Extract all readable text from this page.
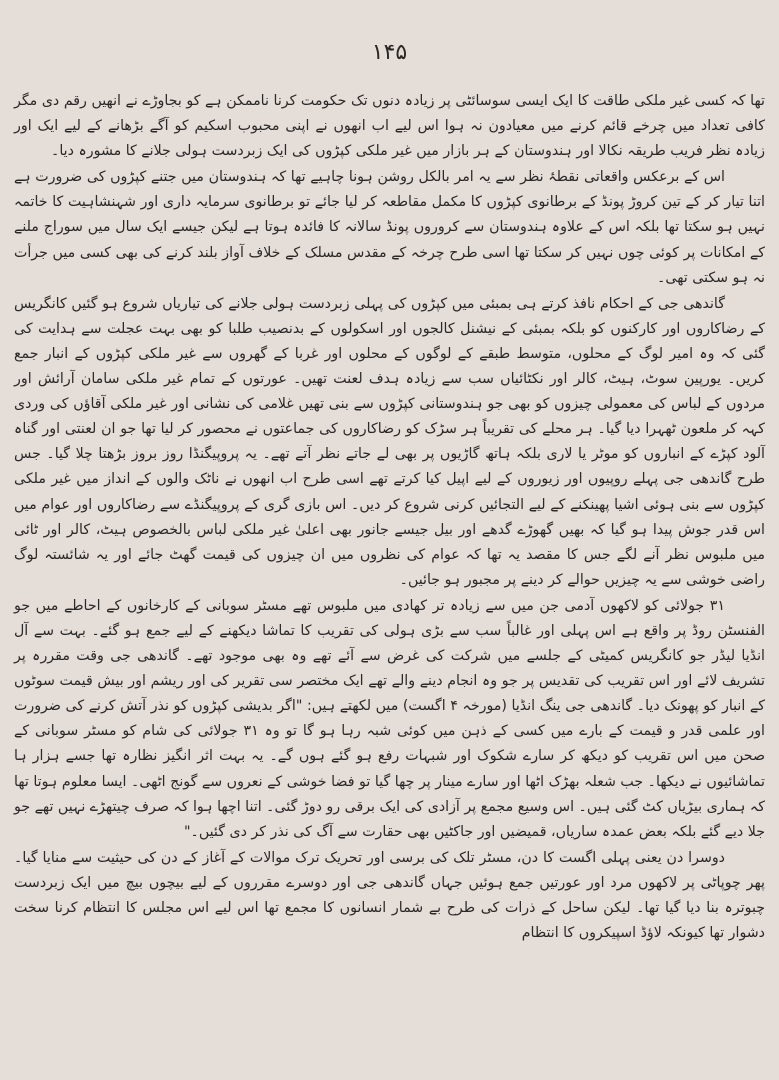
۱۴۵

تھا کہ کسی غیر ملکی طاقت کا ایک ایسی سوسائٹی پر زیادہ دنوں تک حکومت کرنا ناممکن ہے کو بجاوڑے نے انھیں رقم دی مگر کافی تعداد میں چرخے قائم کرنے میں معیادون نہ ہوا اس لیے اب انھوں نے اپنی محبوب اسکیم کو آگے بڑھانے کے لیے ایک اور زیادہ نظر فریب طریقہ نکالا اور ہندوستان کے ہر بازار میں غیر ملکی کپڑوں کی ایک زبردست ہولی جلانے کا مشورہ دیا۔

اس کے برعکس واقعاتی نقطۂ نظر سے یہ امر بالکل روشن ہونا چاہیے تھا کہ ہندوستان میں جتنے کپڑوں کی ضرورت ہے اتنا تیار کر کے تین کروڑ پونڈ کے برطانوی کپڑوں کا مکمل مقاطعہ کر لیا جائے تو برطانوی سرمایہ داری اور شہنشاہیت کا خاتمہ نہیں ہو سکتا تھا بلکہ اس کے علاوہ ہندوستان سے کروروں پونڈ سالانہ کا فائدہ ہوتا ہے لیکن جیسے ایک سال میں سوراج ملنے کے امکانات پر کوئی چوں نہیں کر سکتا تھا اسی طرح چرخہ کے مقدس مسلک کے خلاف آواز بلند کرنے کی بھی کسی میں جرأت نہ ہو سکتی تھی۔

گاندھی جی کے احکام نافذ کرتے ہی بمبئی میں کپڑوں کی پہلی زبردست ہولی جلانے کی تیاریاں شروع ہو گئیں کانگریس کے رضاکاروں اور کارکنوں کو بلکہ بمبئی کے نیشنل کالجوں اور اسکولوں کے بدنصیب طلبا کو بھی بہت عجلت سے ہدایت کی گئی کہ وہ امیر لوگ کے محلوں، متوسط طبقے کے لوگوں کے محلوں اور غربا کے گھروں سے غیر ملکی کپڑوں کے انبار جمع کریں۔ یورپین سوٹ، ہیٹ، کالر اور نکٹائیاں سب سے زیادہ ہدف لعنت تھیں۔ عورتوں کے تمام غیر ملکی سامان آرائش اور مردوں کے لباس کی معمولی چیزوں کو بھی جو ہندوستانی کپڑوں سے بنی تھیں غلامی کی نشانی اور غیر ملکی آقاؤں کی وردی کہہ کر ملعون ٹھہرا دیا گیا۔ ہر محلے کی تقریباً ہر سڑک کو رضاکاروں کی جماعتوں نے محصور کر لیا تھا جو ان لعنتی اور گناہ آلود کپڑے کے انباروں کو موٹر یا لاری بلکہ ہاتھ گاڑیوں پر بھی لے جاتے نظر آتے تھے۔ یہ پروپیگنڈا روز بروز بڑھتا چلا گیا۔ جس طرح گاندھی جی پہلے روپیوں اور زیوروں کے لیے اپیل کیا کرتے تھے اسی طرح اب انھوں نے ناٹک والوں کے انداز میں غیر ملکی کپڑوں سے بنی ہوئی اشیا پھینکنے کے لیے التجائیں کرنی شروع کر دیں۔ اس بازی گری کے پروپیگنڈے سے رضاکاروں اور عوام میں اس قدر جوش پیدا ہو گیا کہ بھیں گھوڑے گدھے اور بیل جیسے جانور بھی اعلیٰ غیر ملکی لباس بالخصوص ہیٹ، کالر اور ٹائی میں ملبوس نظر آنے لگے جس کا مقصد یہ تھا کہ عوام کی نظروں میں ان چیزوں کی قیمت گھٹ جائے اور یہ شائستہ لوگ راضی خوشی سے یہ چیزیں حوالے کر دینے پر مجبور ہو جائیں۔

۳۱ جولائی کو لاکھوں آدمی جن میں سے زیادہ تر کھادی میں ملبوس تھے مسٹر سوبانی کے کارخانوں کے احاطے میں جو الفنسٹن روڈ پر واقع ہے اس پہلی اور غالباً سب سے بڑی ہولی کی تقریب کا تماشا دیکھنے کے لیے جمع ہو گئے۔ بہت سے آل انڈیا لیڈر جو کانگریس کمیٹی کے جلسے میں شرکت کی غرض سے آئے تھے وہ بھی موجود تھے۔ گاندھی جی وقت مقررہ پر تشریف لائے اور اس تقریب کی تقدیس پر جو وہ انجام دینے والے تھے ایک مختصر سی تقریر کی اور ریشم اور بیش قیمت سوٹوں کے انبار کو پھونک دیا۔ گاندھی جی ینگ انڈیا (مورخہ ۴ اگست) میں لکھتے ہیں: "اگر بدیشی کپڑوں کو نذر آتش کرنے کی ضرورت اور علمی قدر و قیمت کے بارے میں کسی کے ذہن میں کوئی شبہ رہا ہو گا تو وہ ۳۱ جولائی کی شام کو مسٹر سوبانی کے صحن میں اس تقریب کو دیکھ کر سارے شکوک اور شبہات رفع ہو گئے ہوں گے۔ یہ بہت اثر انگیز نظارہ تھا جسے ہزار ہا تماشائیوں نے دیکھا۔ جب شعلہ بھڑک اٹھا اور سارے مینار پر چھا گیا تو فضا خوشی کے نعروں سے گونج اٹھی۔ ایسا معلوم ہوتا تھا کہ ہماری بیڑیاں کٹ گئی ہیں۔ اس وسیع مجمع پر آزادی کی ایک برقی رو دوڑ گئی۔ اتنا اچھا ہوا کہ صرف چیتھڑے نہیں تھے جو جلا دیے گئے بلکہ بعض عمدہ ساریاں، قمیضیں اور جاکٹیں بھی حقارت سے آگ کی نذر کر دی گئیں۔"

دوسرا دن یعنی پہلی اگست کا دن، مسٹر تلک کی برسی اور تحریک ترک موالات کے آغاز کے دن کی حیثیت سے منایا گیا۔ پھر چوپاٹی پر لاکھوں مرد اور عورتیں جمع ہوئیں جہاں گاندھی جی اور دوسرے مقرروں کے لیے بیچوں بیچ میں ایک زبردست چبوترہ بنا دیا گیا تھا۔ لیکن ساحل کے ذرات کی طرح بے شمار انسانوں کا مجمع تھا اس لیے اس مجلس کا انتظام کرنا سخت دشوار تھا کیونکہ لاؤڈ اسپیکروں کا انتظام
